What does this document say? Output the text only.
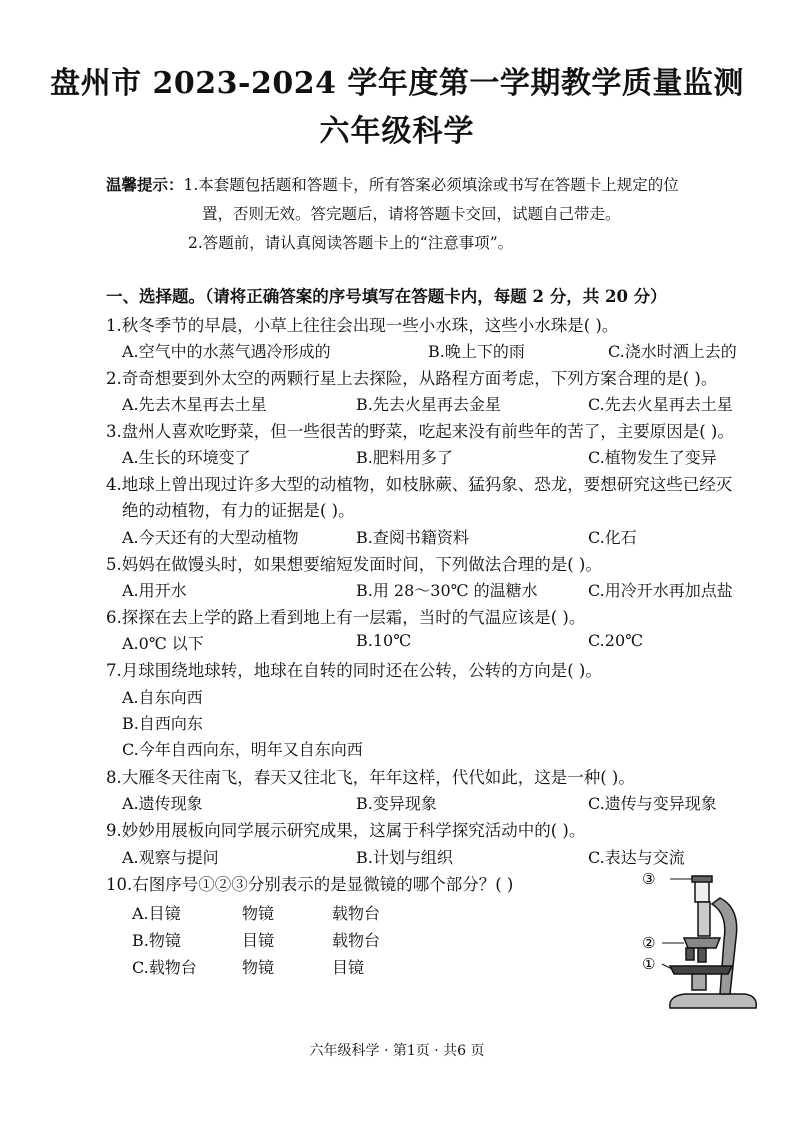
盘州市 2023-2024 学年度第一学期教学质量监测
六年级科学
温馨提示：1.本套题包括题和答题卡，所有答案必须填涂或书写在答题卡上规定的位
置，否则无效。答完题后，请将答题卡交回，试题自己带走。
2.答题前，请认真阅读答题卡上的“注意事项”。
一、选择题。（请将正确答案的序号填写在答题卡内，每题 2 分，共 20 分）
1.秋冬季节的早晨，小草上往往会出现一些小水珠，这些小水珠是( )。
A.空气中的水蒸气遇冷形成的	B.晚上下的雨	C.浇水时洒上去的
2.奇奇想要到外太空的两颗行星上去探险，从路程方面考虑，下列方案合理的是( )。
A.先去木星再去土星	B.先去火星再去金星	C.先去火星再去土星
3.盘州人喜欢吃野菜，但一些很苦的野菜，吃起来没有前些年的苦了，主要原因是( )。
A.生长的环境变了	B.肥料用多了	C.植物发生了变异
4.地球上曾出现过许多大型的动植物，如枝脉蕨、猛犸象、恐龙，要想研究这些已经灭
绝的动植物，有力的证据是( )。
A.今天还有的大型动植物	B.查阅书籍资料	C.化石
5.妈妈在做馒头时，如果想要缩短发面时间，下列做法合理的是( )。
A.用开水	B.用 28～30℃ 的温糖水	C.用冷开水再加点盐
6.探探在去上学的路上看到地上有一层霜，当时的气温应该是( )。
A.0℃ 以下	B.10℃	C.20℃
7.月球围绕地球转，地球在自转的同时还在公转，公转的方向是( )。
A.自东向西
B.自西向东
C.今年自西向东，明年又自东向西
8.大雁冬天往南飞，春天又往北飞，年年这样，代代如此，这是一种( )。
A.遗传现象	B.变异现象	C.遗传与变异现象
9.妙妙用展板向同学展示研究成果，这属于科学探究活动中的( )。
A.观察与提问	B.计划与组织	C.表达与交流
10.右图序号①②③分别表示的是显微镜的哪个部分？( )
A.目镜	物镜	载物台
B.物镜	目镜	载物台
C.载物台	物镜	目镜
③
②
①
六年级科学 · 第1页 · 共6 页
